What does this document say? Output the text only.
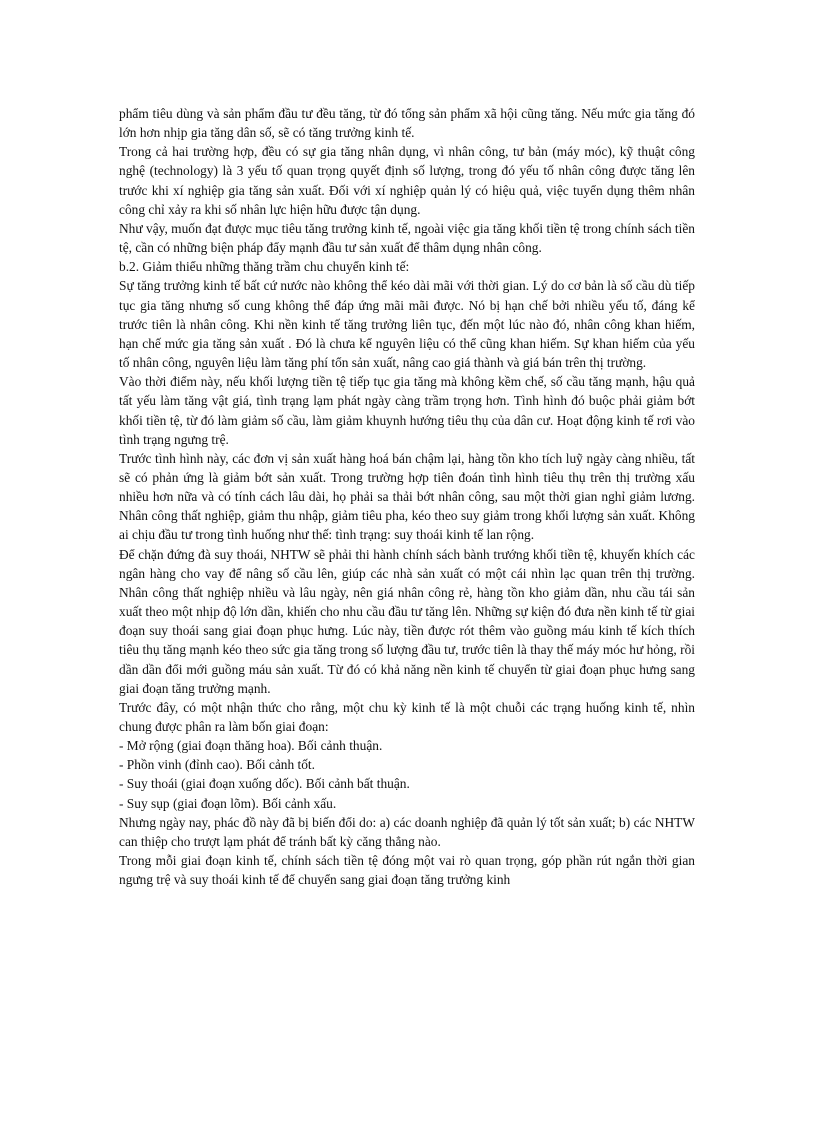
phẩm tiêu dùng và sản phẩm đầu tư đều tăng, từ đó tổng sản phẩm xã hội cũng tăng. Nếu mức gia tăng đó lớn hơn nhịp gia tăng dân số, sẽ có tăng trưởng kinh tế.

Trong cả hai trường hợp, đều có sự gia tăng nhân dụng, vì nhân công, tư bản (máy móc), kỹ thuật công nghệ (technology) là 3 yếu tố quan trọng quyết định số lượng, trong đó yếu tố nhân công được tăng lên trước khi xí nghiệp gia tăng sản xuất. Đối với xí nghiệp quản lý có hiệu quả, việc tuyển dụng thêm nhân công chỉ xảy ra khi số nhân lực hiện hữu được tận dụng.

Như vậy, muốn đạt được mục tiêu tăng trưởng kinh tế, ngoài việc gia tăng khối tiền tệ trong chính sách tiền tệ, cần có những biện pháp đẩy mạnh đầu tư sản xuất để thâm dụng nhân công.

b.2. Giảm thiểu những thăng trầm chu chuyển kinh tế:

Sự tăng trưởng kinh tế bất cứ nước nào không thể kéo dài mãi với thời gian. Lý do cơ bản là số cầu dù tiếp tục gia tăng nhưng số cung không thể đáp ứng mãi mãi được. Nó bị hạn chế bởi nhiều yếu tố, đáng kể trước tiên là nhân công. Khi nền kinh tế tăng trưởng liên tục, đến một lúc nào đó, nhân công khan hiếm, hạn chế mức gia tăng sản xuất . Đó là chưa kể nguyên liệu có thể cũng khan hiếm. Sự khan hiếm của yếu tố nhân công, nguyên liệu làm tăng phí tổn sản xuất, nâng cao giá thành và giá bán trên thị trường.

Vào thời điểm này, nếu khối lượng tiền tệ tiếp tục gia tăng mà không kềm chế, số cầu tăng mạnh, hậu quả tất yếu làm tăng vật giá, tình trạng lạm phát ngày càng trầm trọng hơn. Tình hình đó buộc phải giảm bớt khối tiền tệ, từ đó làm giảm số cầu, làm giảm khuynh hướng tiêu thụ của dân cư. Hoạt động kinh tế rơi vào tình trạng ngưng trệ.

Trước tình hình này, các đơn vị sản xuất hàng hoá bán chậm lại, hàng tồn kho tích luỹ ngày càng nhiều, tất sẽ có phản ứng là giảm bớt sản xuất. Trong trường hợp tiên đoán tình hình tiêu thụ trên thị trường xấu nhiều hơn nữa và có tính cách lâu dài, họ phải sa thải bớt nhân công, sau một thời gian nghỉ giảm lương. Nhân công thất nghiệp, giảm thu nhập, giảm tiêu pha, kéo theo suy giảm trong khối lượng sản xuất. Không ai chịu đầu tư trong tình huống như thế: tình trạng: suy thoái kinh tế lan rộng.

Để chặn đứng đà suy thoái, NHTW sẽ phải thi hành chính sách bành trướng khối tiền tệ, khuyến khích các ngân hàng cho vay để nâng số cầu lên, giúp các nhà sản xuất có một cái nhìn lạc quan trên thị trường. Nhân công thất nghiệp nhiều và lâu ngày, nên giá nhân công rẻ, hàng tồn kho giảm dần, nhu cầu tái sản xuất theo một nhịp độ lớn dần, khiến cho nhu cầu đầu tư tăng lên. Những sự kiện đó đưa nền kinh tế từ giai đoạn suy thoái sang giai đoạn phục hưng. Lúc này, tiền được rót thêm vào guồng máu kinh tế kích thích tiêu thụ tăng mạnh kéo theo sức gia tăng trong số lượng đầu tư, trước tiên là thay thế máy móc hư hỏng, rồi dần dần đổi mới guồng máu sản xuất. Từ đó có khả năng nền kinh tế chuyển từ giai đoạn phục hưng sang giai đoạn tăng trưởng mạnh.

Trước đây, có một nhận thức cho rằng, một chu kỳ kinh tế là một chuỗi các trạng huống kinh tế, nhìn chung được phân ra làm bốn giai đoạn:

- Mở rộng (giai đoạn thăng hoa). Bối cảnh thuận.

- Phồn vinh (đỉnh cao). Bối cảnh tốt.

- Suy thoái (giai đoạn xuống dốc). Bối cảnh bất thuận.

- Suy sụp (giai đoạn lõm). Bối cảnh xấu.

Nhưng ngày nay, phác đồ này đã bị biến đổi do: a) các doanh nghiệp đã quản lý tốt sản xuất; b) các NHTW can thiệp cho trượt lạm phát để tránh bất kỳ căng thẳng nào.

Trong mỗi giai đoạn kinh tế, chính sách tiền tệ đóng một vai rò quan trọng, góp phần rút ngắn thời gian ngưng trệ và suy thoái kinh tế để chuyển sang giai đoạn tăng trưởng kinh
